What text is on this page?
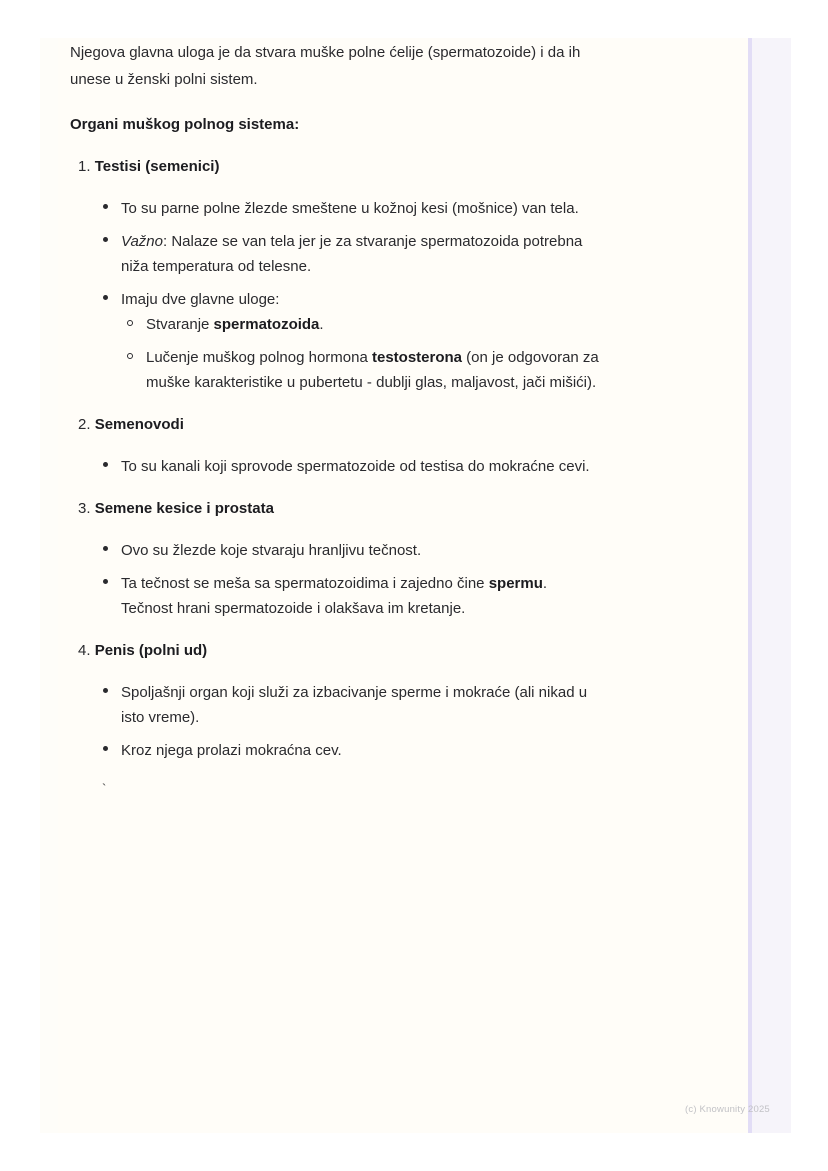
Njegova glavna uloga je da stvara muške polne ćelije (spermatozoide) i da ih
unese u ženski polni sistem.
Organi muškog polnog sistema:
1. Testisi (semenici)
To su parne polne žlezde smeštene u kožnoj kesi (mošnice) van tela.
Važno: Nalaze se van tela jer je za stvaranje spermatozoida potrebna
niža temperatura od telesne.
Imaju dve glavne uloge:
Stvaranje spermatozoida.
Lučenje muškog polnog hormona testosterona (on je odgovoran za
muške karakteristike u pubertetu - dublji glas, maljavost, jači mišići).
2. Semenovodi
To su kanali koji sprovode spermatozoide od testisa do mokraćne cevi.
3. Semene kesice i prostata
Ovo su žlezde koje stvaraju hranljivu tečnost.
Ta tečnost se meša sa spermatozoidima i zajedno čine spermu.
Tečnost hrani spermatozoide i olakšava im kretanje.
4. Penis (polni ud)
Spoljašnji organ koji služi za izbacivanje sperme i mokraće (ali nikad u
isto vreme).
Kroz njega prolazi mokraćna cev.
`
(c) Knowunity 2025
